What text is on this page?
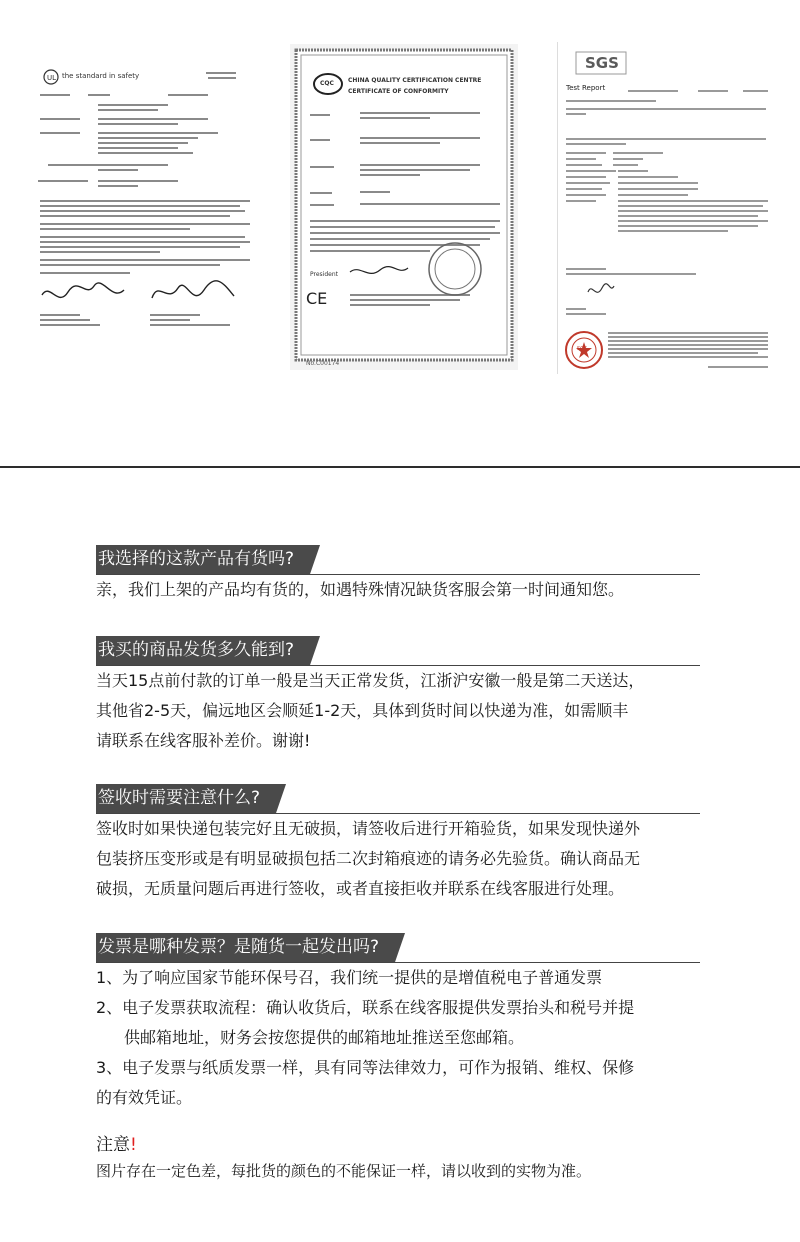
UL the standard in safety
President
CE
CHINA QUALITY CERTIFICATION CENTRE
CERTIFICATE OF CONFORMITY
CQC
No.C00174
SGS
Test Report
SGS
我选择的这款产品有货吗?
亲，我们上架的产品均有货的，如遇特殊情况缺货客服会第一时间通知您。
我买的商品发货多久能到?
当天15点前付款的订单一般是当天正常发货，江浙沪安徽一般是第二天送达，
其他省2-5天，偏远地区会顺延1-2天，具体到货时间以快递为准，如需顺丰
请联系在线客服补差价。谢谢!
签收时需要注意什么?
签收时如果快递包装完好且无破损，请签收后进行开箱验货，如果发现快递外
包装挤压变形或是有明显破损包括二次封箱痕迹的请务必先验货。确认商品无
破损，无质量问题后再进行签收，或者直接拒收并联系在线客服进行处理。
发票是哪种发票？是随货一起发出吗?
1、为了响应国家节能环保号召，我们统一提供的是增值税电子普通发票
2、电子发票获取流程：确认收货后，联系在线客服提供发票抬头和税号并提
供邮箱地址，财务会按您提供的邮箱地址推送至您邮箱。
3、电子发票与纸质发票一样，具有同等法律效力，可作为报销、维权、保修
的有效凭证。
注意!
图片存在一定色差，每批货的颜色的不能保证一样，请以收到的实物为准。
